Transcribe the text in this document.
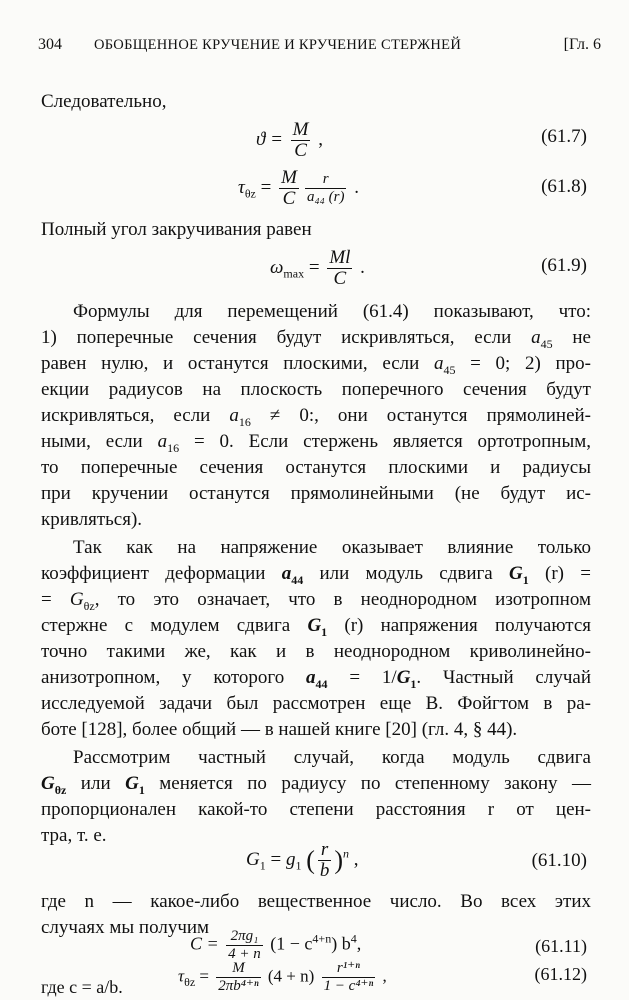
304 ОБОБЩЕННОЕ КРУЧЕНИЕ И КРУЧЕНИЕ СТЕРЖНЕЙ	[Гл. 6
Следовательно,
$ϑ = \frac{M}{C}$ ,	(61.7)
$\tau_{\theta z} = \frac{M}{C} \frac{r}{\text{a₄₄ (r)}}$ .	(61.8)
Полный угол закручивания равен
$\omega_{max} = \frac{Ml}{C}$ .	(61.9)
Формулы для перемещений (61.4) показывают, что:
1) поперечные сечения будут искривляться, если $a_{45}$ не
равен нулю, и останутся плоскими, если $a_{45} = 0$; 2) про-
екции радиусов на плоскость поперечного сечения будут
искривляться, если $a_{16} \ne 0$:, они останутся прямолиней-
ными, если $a_{16} = 0$. Если стержень является ортотропным,
то поперечные сечения останутся плоскими и радиусы
при кручении останутся прямолинейными (не будут ис-
кривляться).
Так как на напряжение оказывает влияние только
коэффициент деформации $a_{44}$ или модуль сдвига $G_1$ (r) =
= $G_{\theta z}$, то это означает, что в неоднородном изотропном
стержне с модулем сдвига $G_1$ (r) напряжения получаются
точно такими же, как и в неоднородном криволинейно-
анизотропном, у которого $a_{44} = 1/G_1$. Частный случай
исследуемой задачи был рассмотрен еще В. Фойгтом в ра-
боте [128], более общий — в нашей книге [20] (гл. 4, § 44).
Рассмотрим частный случай, когда модуль сдвига
$G_{\theta z}$ или $G_1$ меняется по радиусу по степенному закону —
пропорционален какой-то степени расстояния r от цен-
тра, т. е.
$G_1 = g_1$ ( $\frac{r}{b} )^n$ ,	(61.10)
где n — какое-либо вещественное число. Во всех этих
случаях мы получим
$C = \frac{\text{2πg₁}}{4 + n} (1 - c^{4+n})$ $b^4$,	(61.11)
$\tau_{\theta z} = \frac{M}{\text{2πb⁴⁺ⁿ}} (4 + n) \frac{\text{r¹⁺ⁿ}}{\text{1 − c⁴⁺ⁿ}}$ ,	(61.12)
где c = a/b.
